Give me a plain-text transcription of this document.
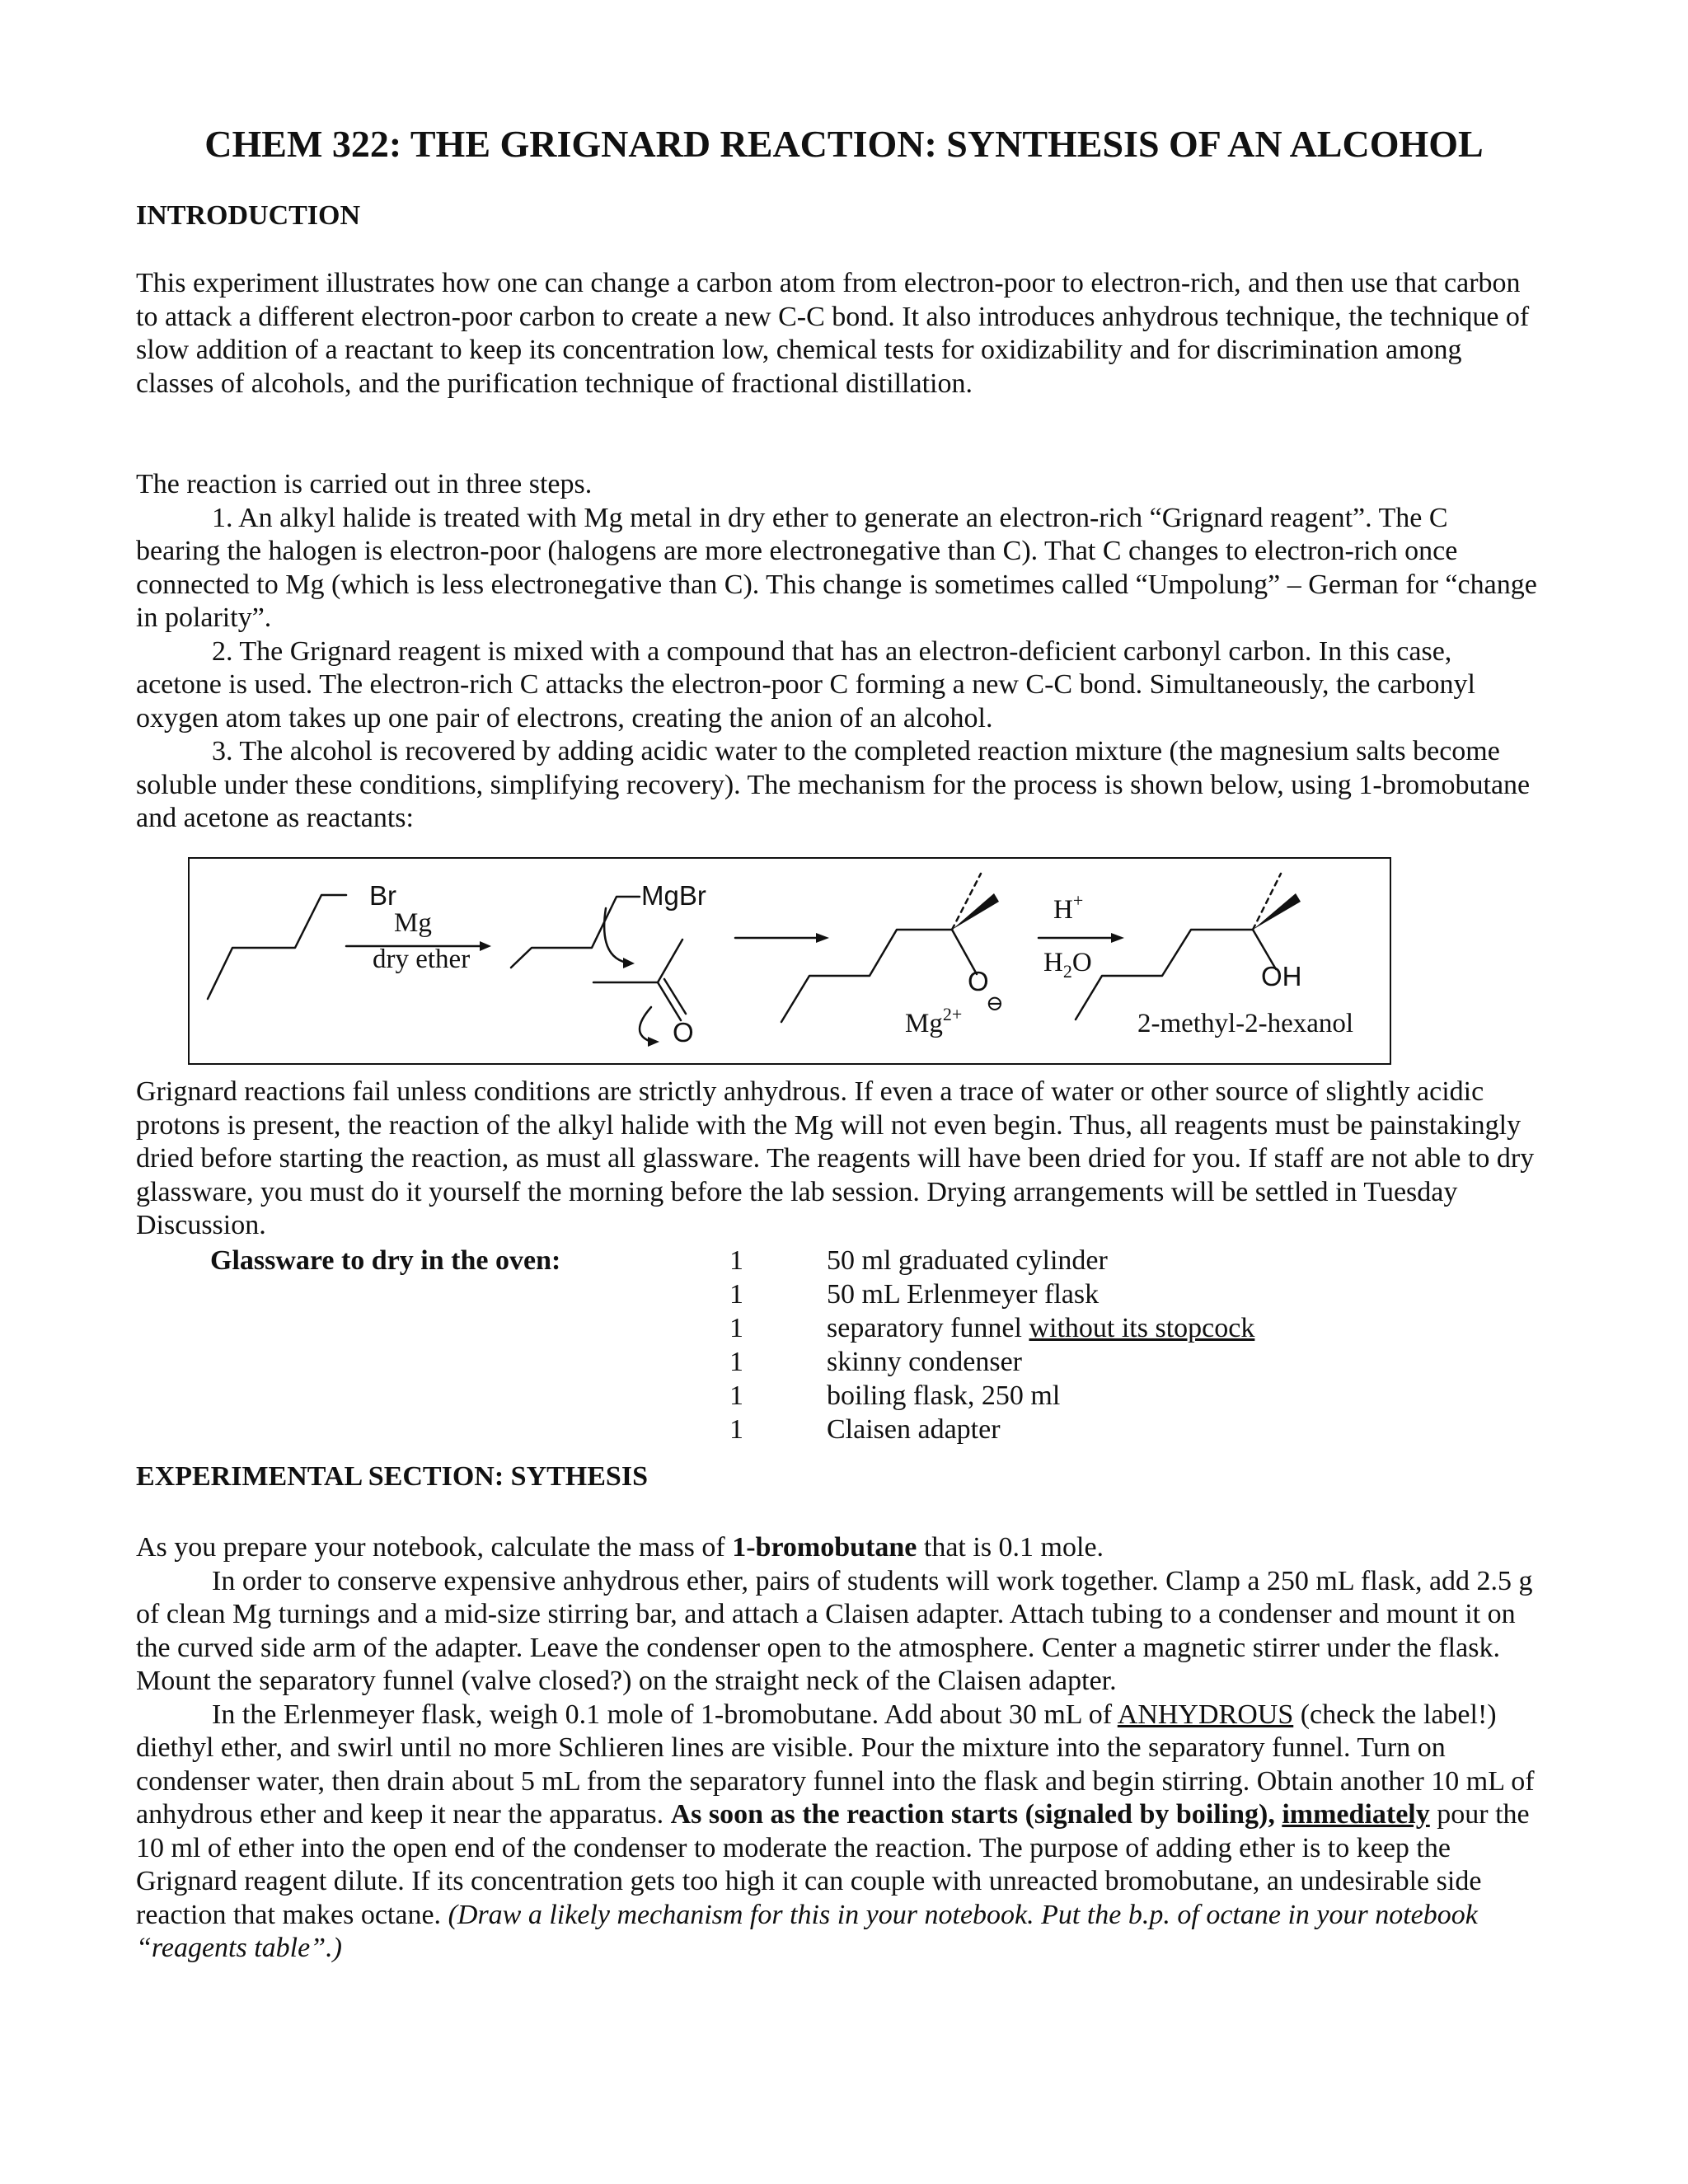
CHEM 322: THE GRIGNARD REACTION: SYNTHESIS OF AN ALCOHOL
INTRODUCTION

This experiment illustrates how one can change a carbon atom from electron-poor to electron-rich, and then use that carbon to attack a different electron-poor carbon to create a new C-C bond. It also introduces anhydrous technique, the technique of slow addition of a reactant to keep its concentration low, chemical tests for oxidizability and for discrimination among classes of alcohols, and the purification technique of fractional distillation.

The reaction is carried out in three steps.

1. An alkyl halide is treated with Mg metal in dry ether to generate an electron-rich “Grignard reagent”. The C bearing the halogen is electron-poor (halogens are more electronegative than C). That C changes to electron-rich once connected to Mg (which is less electronegative than C). This change is sometimes called “Umpolung” – German for “change in polarity”.

2. The Grignard reagent is mixed with a compound that has an electron-deficient carbonyl carbon. In this case, acetone is used. The electron-rich C attacks the electron-poor C forming a new C-C bond. Simultaneously, the carbonyl oxygen atom takes up one pair of electrons, creating the anion of an alcohol.

3. The alcohol is recovered by adding acidic water to the completed reaction mixture (the magnesium salts become soluble under these conditions, simplifying recovery). The mechanism for the process is shown below, using 1-bromobutane and acetone as reactants:

Br
Mg
dry ether
MgBr
O
O
$Mg^{2+}$ ⊖
H+
$H_2O$	OH
2-methyl-2-hexanol

Grignard reactions fail unless conditions are strictly anhydrous. If even a trace of water or other source of slightly acidic protons is present, the reaction of the alkyl halide with the Mg will not even begin. Thus, all reagents must be painstakingly dried before starting the reaction, as must all glassware. The reagents will have been dried for you. If staff are not able to dry glassware, you must do it yourself the morning before the lab session. Drying arrangements will be settled in Tuesday Discussion.

Glassware to dry in the oven:	1	50 ml graduated cylinder
1	50 mL Erlenmeyer flask
1	separatory funnel without its stopcock
1	skinny condenser
1	boiling flask, 250 ml
1	Claisen adapter
EXPERIMENTAL SECTION: SYTHESIS

As you prepare your notebook, calculate the mass of 1-bromobutane that is 0.1 mole.

In order to conserve expensive anhydrous ether, pairs of students will work together. Clamp a 250 mL flask, add 2.5 g of clean Mg turnings and a mid-size stirring bar, and attach a Claisen adapter. Attach tubing to a condenser and mount it on the curved side arm of the adapter. Leave the condenser open to the atmosphere. Center a magnetic stirrer under the flask. Mount the separatory funnel (valve closed?) on the straight neck of the Claisen adapter.

In the Erlenmeyer flask, weigh 0.1 mole of 1-bromobutane. Add about 30 mL of ANHYDROUS (check the label!) diethyl ether, and swirl until no more Schlieren lines are visible. Pour the mixture into the separatory funnel. Turn on condenser water, then drain about 5 mL from the separatory funnel into the flask and begin stirring. Obtain another 10 mL of anhydrous ether and keep it near the apparatus. As soon as the reaction starts (signaled by boiling), immediately pour the 10 ml of ether into the open end of the condenser to moderate the reaction. The purpose of adding ether is to keep the Grignard reagent dilute. If its concentration gets too high it can couple with unreacted bromobutane, an undesirable side reaction that makes octane. (Draw a likely mechanism for this in your notebook. Put the b.p. of octane in your notebook “reagents table”.)
